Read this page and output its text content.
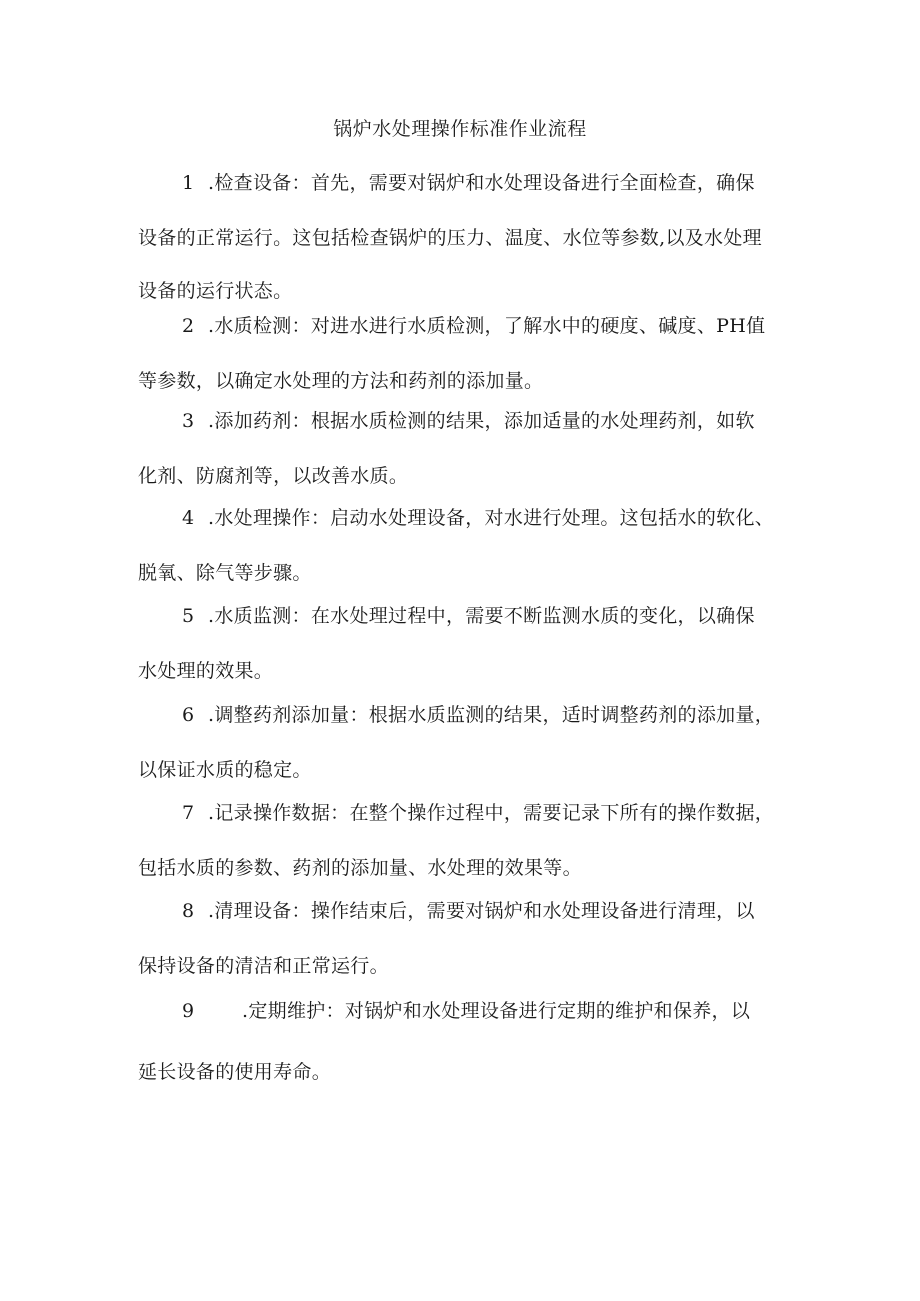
锅炉水处理操作标准作业流程
1 .检查设备：首先，需要对锅炉和水处理设备进行全面检查，确保
设备的正常运行。这包括检查锅炉的压力、温度、水位等参数,以及水处理
设备的运行状态。
2 .水质检测：对进水进行水质检测，了解水中的硬度、碱度、PH值
等参数，以确定水处理的方法和药剂的添加量。
3 .添加药剂：根据水质检测的结果，添加适量的水处理药剂，如软
化剂、防腐剂等，以改善水质。
4 .水处理操作：启动水处理设备，对水进行处理。这包括水的软化、
脱氧、除气等步骤。
5 .水质监测：在水处理过程中，需要不断监测水质的变化，以确保
水处理的效果。
6 .调整药剂添加量：根据水质监测的结果，适时调整药剂的添加量，
以保证水质的稳定。
7 .记录操作数据：在整个操作过程中，需要记录下所有的操作数据，
包括水质的参数、药剂的添加量、水处理的效果等。
8 .清理设备：操作结束后，需要对锅炉和水处理设备进行清理，以
保持设备的清洁和正常运行。
9	.定期维护：对锅炉和水处理设备进行定期的维护和保养，以
延长设备的使用寿命。
